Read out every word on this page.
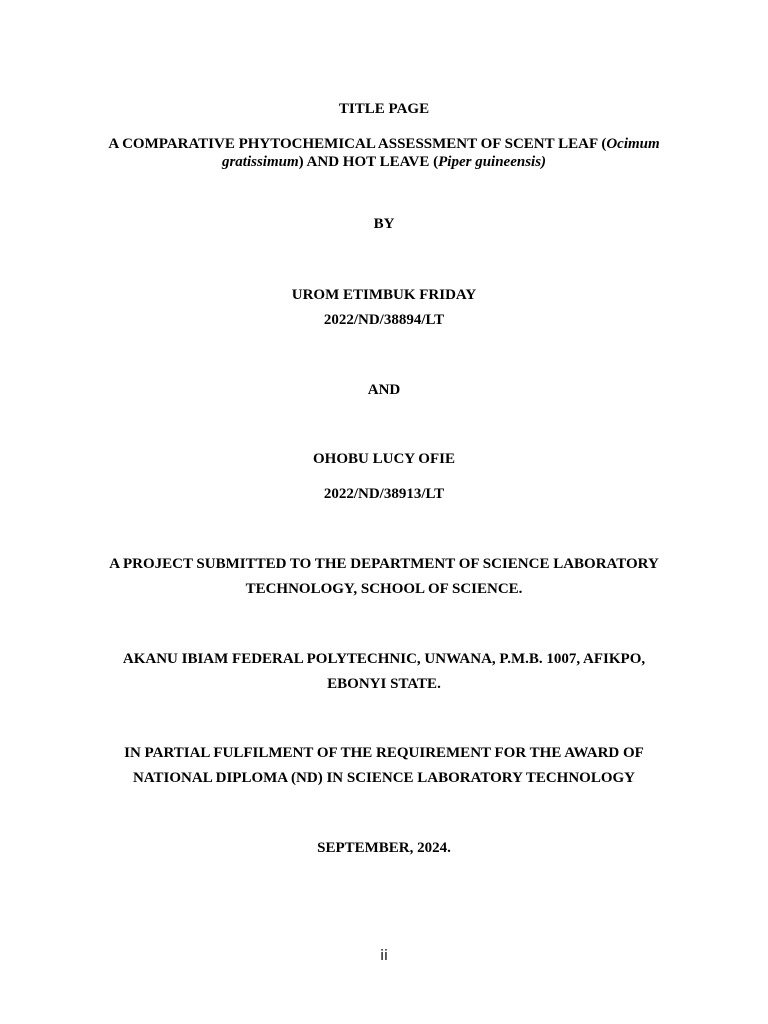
TITLE PAGE
A COMPARATIVE PHYTOCHEMICAL ASSESSMENT OF SCENT LEAF (Ocimum
gratissimum) AND HOT LEAVE (Piper guineensis)
BY
UROM ETIMBUK FRIDAY
2022/ND/38894/LT
AND
OHOBU LUCY OFIE
2022/ND/38913/LT
A PROJECT SUBMITTED TO THE DEPARTMENT OF SCIENCE LABORATORY
TECHNOLOGY, SCHOOL OF SCIENCE.
AKANU IBIAM FEDERAL POLYTECHNIC, UNWANA, P.M.B. 1007, AFIKPO,
EBONYI STATE.
IN PARTIAL FULFILMENT OF THE REQUIREMENT FOR THE AWARD OF
NATIONAL DIPLOMA (ND) IN SCIENCE LABORATORY TECHNOLOGY
SEPTEMBER, 2024.
ii
